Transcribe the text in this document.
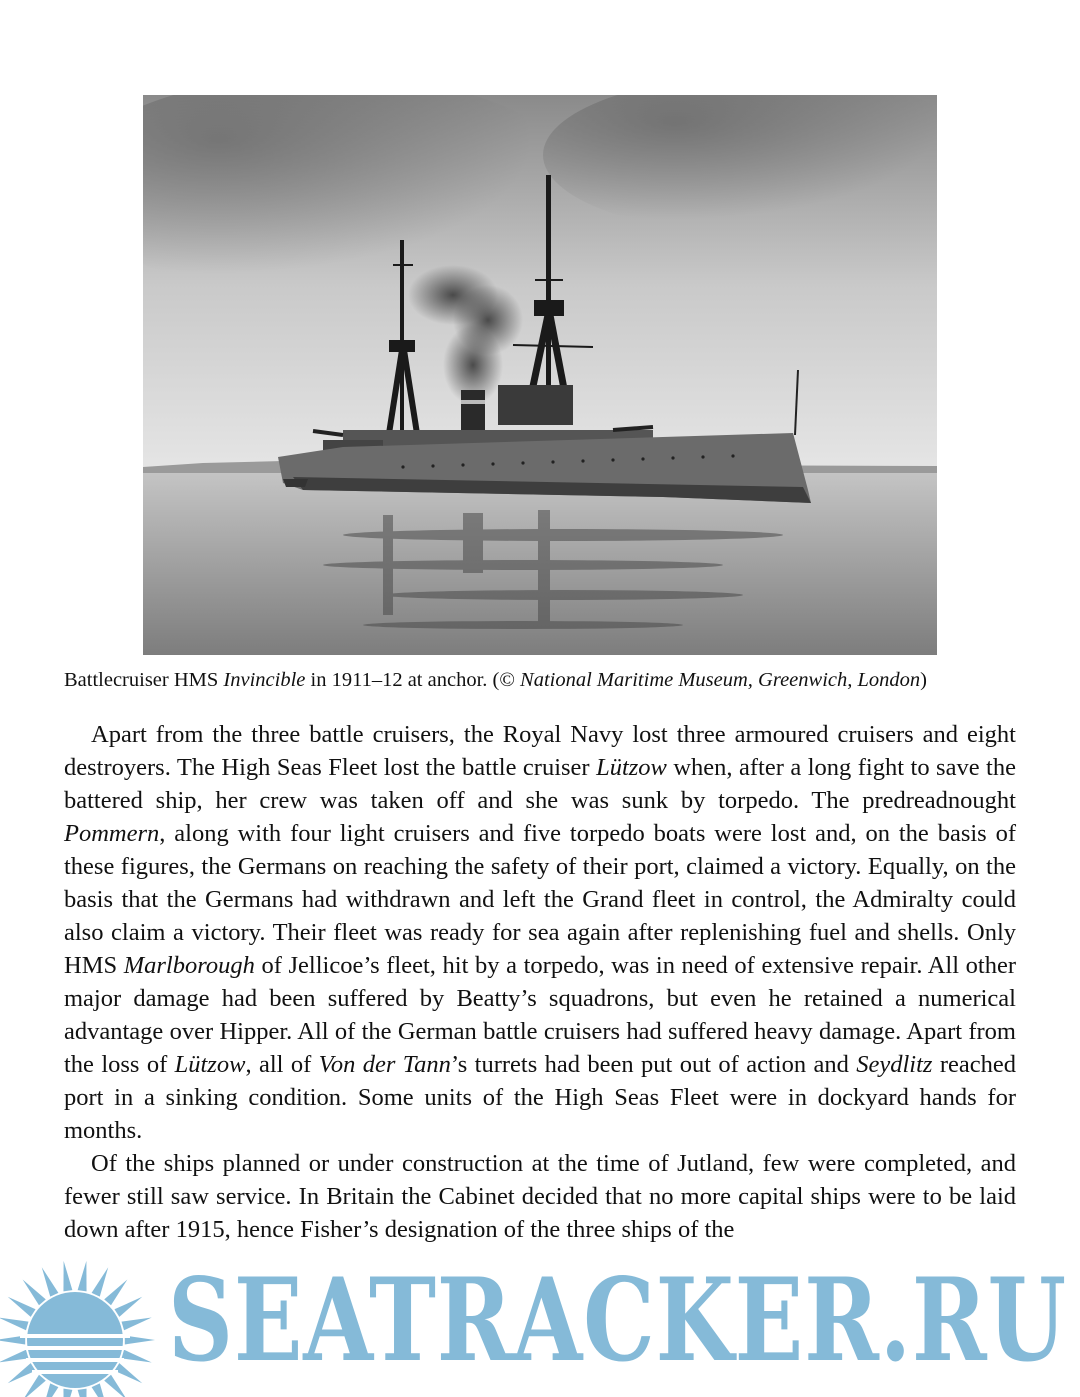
Battlecruiser HMS Invincible in 1911–12 at anchor. (© National Maritime Museum, Greenwich, London)

Apart from the three battle cruisers, the Royal Navy lost three armoured cruisers and eight destroyers. The High Seas Fleet lost the battle cruiser Lützow when, after a long fight to save the battered ship, her crew was taken off and she was sunk by torpedo. The predreadnought Pommern, along with four light cruisers and five torpedo boats were lost and, on the basis of these figures, the Germans on reaching the safety of their port, claimed a victory. Equally, on the basis that the Germans had withdrawn and left the Grand fleet in control, the Admiralty could also claim a victory. Their fleet was ready for sea again after replenishing fuel and shells. Only HMS Marlborough of Jellicoe’s fleet, hit by a torpedo, was in need of extensive repair. All other major damage had been suffered by Beatty’s squadrons, but even he retained a numerical advantage over Hipper. All of the German battle cruisers had suffered heavy damage. Apart from the loss of Lützow, all of Von der Tann’s turrets had been put out of action and Seydlitz reached port in a sinking condition. Some units of the High Seas Fleet were in dockyard hands for months.

Of the ships planned or under construction at the time of Jutland, few were completed, and fewer still saw service. In Britain the Cabinet decided that no more capital ships were to be laid down after 1915, hence Fisher’s designation of the three ships of the

SEATRACKER.RU
